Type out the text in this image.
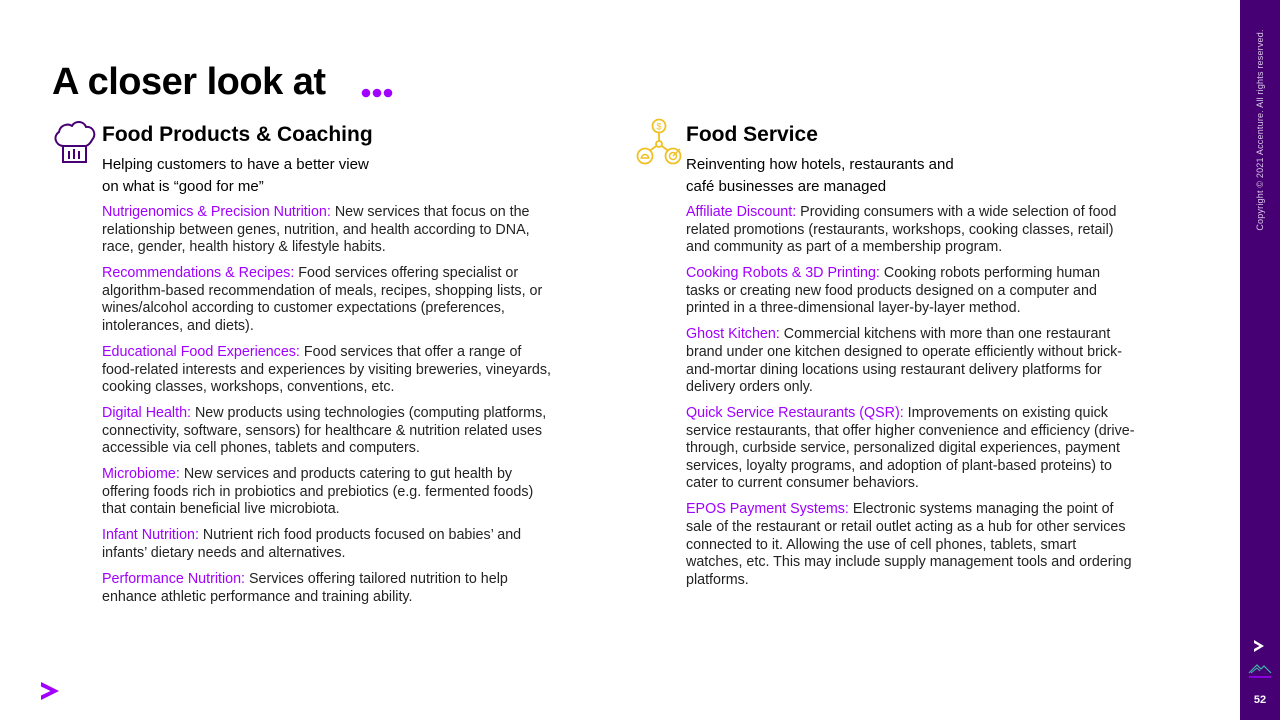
A closer look at
Food Products & Coaching

Helping customers to have a better view
on what is “good for me”

Nutrigenomics & Precision Nutrition: New services that focus on the relationship between genes, nutrition, and health according to DNA, race, gender, health history & lifestyle habits.

Recommendations & Recipes: Food services offering specialist or algorithm-based recommendation of meals, recipes, shopping lists, or wines/alcohol according to customer expectations (preferences, intolerances, and diets).

Educational Food Experiences: Food services that offer a range of food-related interests and experiences by visiting breweries, vineyards, cooking classes, workshops, conventions, etc.

Digital Health: New products using technologies (computing platforms, connectivity, software, sensors) for healthcare & nutrition related uses accessible via cell phones, tablets and computers.

Microbiome: New services and products catering to gut health by offering foods rich in probiotics and prebiotics (e.g. fermented foods) that contain beneficial live microbiota.

Infant Nutrition: Nutrient rich food products focused on babies’ and infants’ dietary needs and alternatives.

Performance Nutrition: Services offering tailored nutrition to help enhance athletic performance and training ability.

$ Food Service

Reinventing how hotels, restaurants and
café businesses are managed

Affiliate Discount: Providing consumers with a wide selection of food related promotions (restaurants, workshops, cooking classes, retail) and community as part of a membership program.

Cooking Robots & 3D Printing: Cooking robots performing human tasks or creating new food products designed on a computer and printed in a three-dimensional layer-by-layer method.

Ghost Kitchen: Commercial kitchens with more than one restaurant brand under one kitchen designed to operate efficiently without brick-and-mortar dining locations using restaurant delivery platforms for delivery orders only.

Quick Service Restaurants (QSR): Improvements on existing quick service restaurants, that offer higher convenience and efficiency (drive-through, curbside service, personalized digital experiences, payment services, loyalty programs, and adoption of plant-based proteins) to cater to current consumer behaviors.

EPOS Payment Systems: Electronic systems managing the point of sale of the restaurant or retail outlet acting as a hub for other services connected to it. Allowing the use of cell phones, tablets, smart watches, etc. This may include supply management tools and ordering platforms.

Copyright © 2021 Accenture. All rights reserved.
52
